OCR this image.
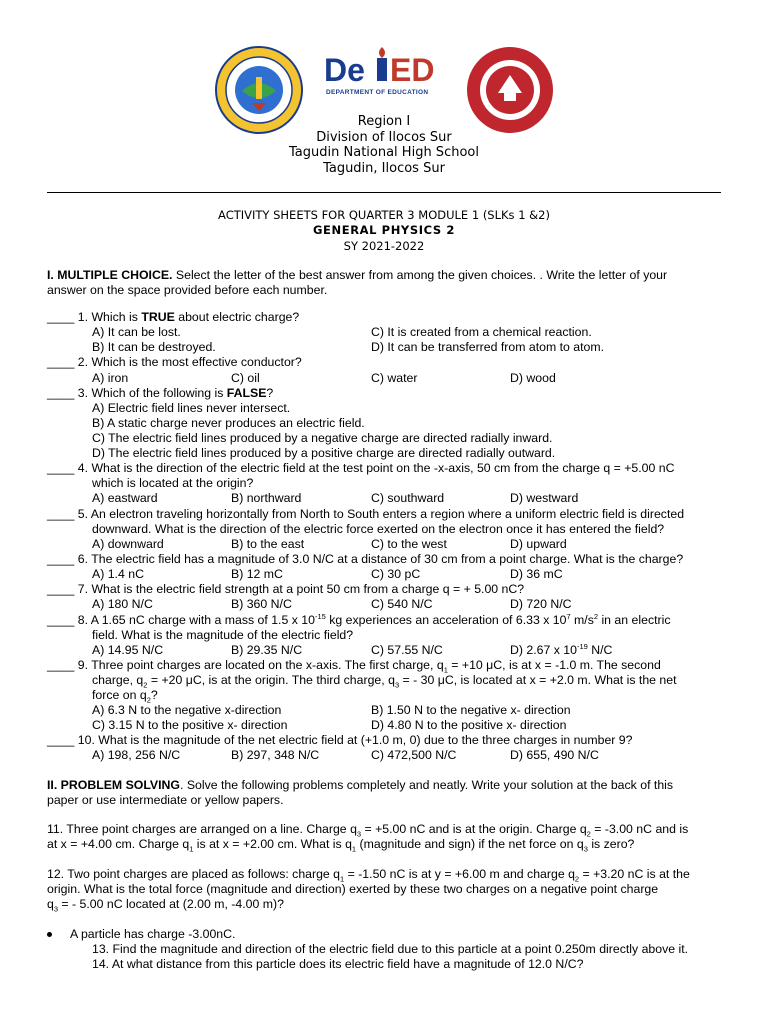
De ED
DEPARTMENT OF EDUCATION
Region I
Division of Ilocos Sur
Tagudin National High School
Tagudin, Ilocos Sur
ACTIVITY SHEETS FOR QUARTER 3 MODULE 1 (SLKs 1 &2)
GENERAL PHYSICS 2
SY 2021-2022
I. MULTIPLE CHOICE. Select the letter of the best answer from among the given choices. . Write the letter of your
answer on the space provided before each number.
____ 1. Which is TRUE about electric charge?
A) It can be lost.	C) It is created from a chemical reaction.
B) It can be destroyed.	D) It can be transferred from atom to atom.
____ 2. Which is the most effective conductor?
A) iron	C) oil	C) water	D) wood
____ 3. Which of the following is FALSE?
A) Electric field lines never intersect.
B) A static charge never produces an electric field.
C) The electric field lines produced by a negative charge are directed radially inward.
D) The electric field lines produced by a positive charge are directed radially outward.
____ 4. What is the direction of the electric field at the test point on the -x-axis, 50 cm from the charge q = +5.00 nC
which is located at the origin?
A) eastward	B) northward	C) southward	D) westward
____ 5. An electron traveling horizontally from North to South enters a region where a uniform electric field is directed
downward. What is the direction of the electric force exerted on the electron once it has entered the field?
A) downward	B) to the east	C) to the west	D) upward
____ 6. The electric field has a magnitude of 3.0 N/C at a distance of 30 cm from a point charge. What is the charge?
A) 1.4 nC	B) 12 mC	C) 30 pC	D) 36 mC
____ 7. What is the electric field strength at a point 50 cm from a charge q = + 5.00 nC?
A) 180 N/C	B) 360 N/C	C) 540 N/C	D) 720 N/C
____ 8. A 1.65 nC charge with a mass of 1.5 x $10^{-15}$ kg experiences an acceleration of 6.33 x $10^7$ $m/s^2$ in an electric
field. What is the magnitude of the electric field?
A) 14.95 N/C	B) 29.35 N/C	C) 57.55 N/C	D) 2.67 x $10^{-19}$ N/C
____ 9. Three point charges are located on the x-axis. The first charge, $q_1 = +10$ μC, is at x = -1.0 m. The second
charge, $q_2 = +20$ μC, is at the origin. The third charge, $q_3$ = - 30 μC, is located at x = +2.0 m. What is the net
force on $q_2$?
A) 6.3 N to the negative x-direction	B) 1.50 N to the negative x- direction
C) 3.15 N to the positive x- direction	D) 4.80 N to the positive x- direction
____ 10. What is the magnitude of the net electric field at (+1.0 m, 0) due to the three charges in number 9?
A) 198, 256 N/C	B) 297, 348 N/C	C) 472,500 N/C	D) 655, 490 N/C
II. PROBLEM SOLVING. Solve the following problems completely and neatly. Write your solution at the back of this
paper or use intermediate or yellow papers.
11. Three point charges are arranged on a line. Charge $q_3 = +5.00$ nC and is at the origin. Charge $q_2 = -3.00$ nC and is
at x = +4.00 cm. Charge $q_1$ is at x = +2.00 cm. What is $q_1$ (magnitude and sign) if the net force on $q_3$ is zero?
12. Two point charges are placed as follows: charge $q_1 = -1.50$ nC is at y = +6.00 m and charge $q_2 = +3.20$ nC is at the
origin. What is the total force (magnitude and direction) exerted by these two charges on a negative point charge
$q_3$ = - 5.00 nC located at (2.00 m, -4.00 m)?
A particle has charge -3.00nC.
13. Find the magnitude and direction of the electric field due to this particle at a point 0.250m directly above it.
14. At what distance from this particle does its electric field have a magnitude of 12.0 N/C?
